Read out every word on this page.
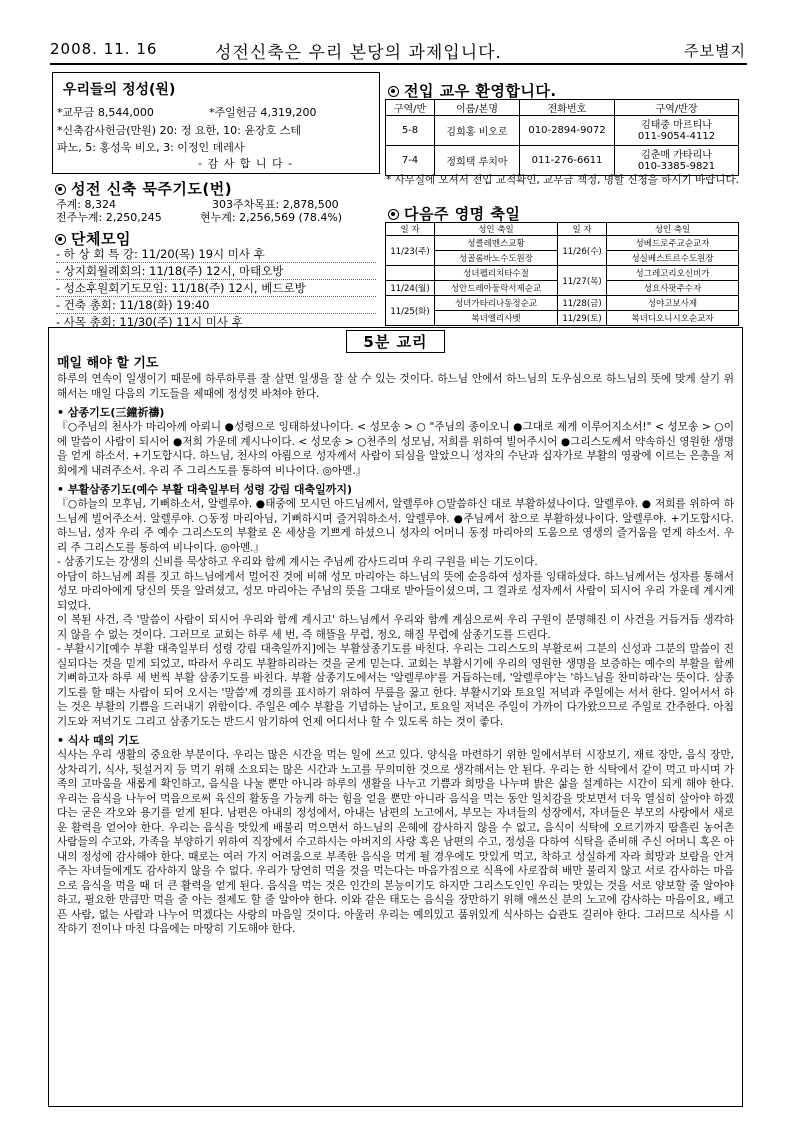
2008. 11. 16	성전신축은 우리 본당의 과제입니다.	주보별지
우리들의 정성(원)
*교무금 8,544,000	*주일헌금 4,319,200
*신축감사헌금(만원) 20: 정 요한, 10: 윤장호 스테
파노, 5: 홍성욱 비오, 3: 이정인 데레사
- 감 사 합 니 다 -
성전 신축 묵주기도(번)
주계: 8,324	303주차목표: 2,878,500
전주누계: 2,250,245	현누계: 2,256,569 (78.4%)
단체모임
- 하 상 회 특 강: 11/20(목) 19시 미사 후
- 상지회월례회의: 11/18(주) 12시, 마태오방
- 성소후원회기도모임: 11/18(주) 12시, 베드로방
- 건축 총회: 11/18(화) 19:40
- 사목 총회: 11/30(주) 11시 미사 후
전입 교우 환영합니다.
구역/반	이름/본명	전화번호	구역/반장
5-8	김희홍 비오로	010-2894-9072	김태중 마르티나
011-9054-4112

7-4	정희택 루치아	011-276-6611	김춘매 가타리나
010-3385-9821
* 사무실에 오셔서 전입 교적확인, 교무금 책정, 명할 신청을 하시기 바랍니다.
다음주 영명 축일
일 자	성인 축일	일 자	성인 축일
11/23(주)	성클레멘스교황	11/26(수)	성베드로주교순교자
	성골롬바노수도원장		성실베스트르수도원장
	성녀펠리치타수절	11/27(목)	성그레고리오신비가
11/24(월)	성안드레아둥락서제순교		성요사팟주수자
11/25(화)	성녀가타리나동정순교	11/28(금)	성야고보사제
	복녀엘리사벳	11/29(토)	복녀디오니시오순교자
5분 교리
매일 해야 할 기도

하루의 연속이 일생이기 때문에 하루하루를 잘 살면 일생을 잘 살 수 있는 것이다. 하느님 안에서 하느님의 도우심으로 하느님의 뜻에 맞게 살기 위해서는 매일 다음의 기도들을 제때에 정성껏 바쳐야 한다.

• 삼종기도(三鐘祈禱)

『○주님의 천사가 마리아께 아뢰니 ●성령으로 잉태하셨나이다. < 성모송 > ○ "주님의 종이오니 ●그대로 제게 이루어지소서!" < 성모송 > ○이에 말씀이 사람이 되시어 ●저희 가운데 계시나이다. < 성모송 > ○천주의 성모님, 저희를 위하여 빌어주시어 ●그리스도께서 약속하신 영원한 생명을 얻게 하소서. +기도합시다. 하느님, 천사의 아룀으로 성자께서 사람이 되심을 알았으니 성자의 수난과 십자가로 부활의 영광에 이르는 은총을 저희에게 내려주소서. 우리 주 그리스도를 통하여 비나이다. ◎아멘.』

• 부활삼종기도(예수 부활 대축일부터 성령 강림 대축일까지)

『○하늘의 모후님, 기뻐하소서, 알렐루야. ●태중에 모시던 아드님께서, 알렐루야 ○말씀하신 대로 부활하셨나이다. 알렐루야. ● 저희를 위하여 하느님께 빌어주소서. 알렐루야. ○동정 마리아님, 기뻐하시며 즐거워하소서. 알렐루야. ●주님께서 참으로 부활하셨나이다. 알렐루야. +기도합시다. 하느님, 성자 우리 주 예수 그리스도의 부활로 온 세상을 기쁘게 하셨으니 성자의 어머니 동정 마리아의 도움으로 영생의 즐거움을 얻게 하소서. 우리 주 그리스도를 통하여 비나이다. ◎아멘.』

- 삼종기도는 강생의 신비를 묵상하고 우리와 함께 계시는 주님께 감사드리며 우리 구원을 비는 기도이다.

아담이 하느님께 죄를 짓고 하느님에게서 멀어진 것에 비해 성모 마리아는 하느님의 뜻에 순응하여 성자를 잉태하셨다. 하느님께서는 성자를 통해서 성모 마리아에게 당신의 뜻을 알려셨고, 성모 마리아는 주님의 뜻을 그대로 받아들이셨으며, 그 결과로 성자께서 사람이 되시어 우리 가운데 계시게 되었다.

이 복된 사건, 즉 '말씀이 사람이 되시어 우리와 함께 계시고' 하느님께서 우리와 함께 계심으로써 우리 구원이 분명해진 이 사건을 거듭거듭 생각하지 않을 수 없는 것이다. 그러므로 교회는 하루 세 번, 즉 해뜰을 무렵, 정오, 해질 무렵에 삼종기도를 드린다.

- 부활시기[예수 부활 대축일부터 성령 강림 대축일까지]에는 부활삼종기도를 바친다. 우리는 그리스도의 부활로써 그분의 신성과 그분의 말씀이 진실되다는 것을 믿게 되었고, 따라서 우리도 부활하리라는 것을 굳게 믿는다. 교회는 부활시기에 우리의 영원한 생명을 보증하는 예수의 부활을 함께 기뻐하고자 하루 세 번씩 부활 삼종기도를 바친다. 부활 삼종기도에서는 '알렐루야'를 거듭하는데, '알렐루야'는 '하느님을 찬미하라'는 뜻이다. 삼종기도를 할 때는 사람이 되어 오시는 '말씀'께 경의를 표시하기 위하여 무릎을 꿇고 한다. 부활시기와 토요일 저녁과 주일에는 서서 한다. 일어서서 하는 것은 부활의 기쁨을 드러내기 위함이다. 주일은 예수 부활을 기념하는 날이고, 토요일 저녁은 주일이 가까이 다가왔으므로 주일로 간주한다. 아침기도와 저녁기도 그리고 삼종기도는 반드시 암기하여 언제 어디서나 할 수 있도록 하는 것이 좋다.

• 식사 때의 기도

식사는 우리 생활의 중요한 부분이다. 우리는 많은 시간을 먹는 일에 쓰고 있다. 양식을 마련하기 위한 일에서부터 시장보기, 재료 장만, 음식 장만, 상차리기, 식사, 뒷설거지 등 먹기 위해 소요되는 많은 시간과 노고를 무의미한 것으로 생각해서는 안 된다. 우리는 한 식탁에서 같이 먹고 마시며 가족의 고마움을 새롭게 확인하고, 음식을 나눌 뿐만 아니라 하루의 생활을 나누고 기쁨과 희망을 나누며 밝은 삶을 설계하는 시간이 되게 해야 한다. 우리는 음식을 나누어 먹음으로써 육신의 활동을 가능케 하는 힘을 얻을 뿐만 아니라 음식을 먹는 동안 일치감을 맛보면서 더욱 열심히 살아야 하겠다는 굳은 각오와 용기를 얻게 된다. 남편은 아내의 정성에서, 아내는 남편의 노고에서, 부모는 자녀들의 성장에서, 자녀들은 부모의 사랑에서 새로운 활력을 얻어야 한다. 우리는 음식을 맛있게 배불리 먹으면서 하느님의 은혜에 감사하지 않을 수 없고, 음식이 식탁에 오르기까지 땀흘린 농어촌 사람들의 수고와, 가족을 부양하기 위하여 직장에서 수고하시는 아버지의 사랑 혹은 남편의 수고, 정성을 다하여 식탁을 준비해 주신 어머니 혹은 아내의 정성에 감사해야 한다. 때로는 여러 가지 어려움으로 부족한 음식을 먹게 될 경우에도 맛있게 먹고, 착하고 성실하게 자라 희망과 보람을 안겨 주는 자녀들에게도 감사하지 않을 수 없다. 우리가 당연히 먹을 것을 먹는다는 마음가짐으로 식욕에 사로잡혀 배만 불리지 않고 서로 감사하는 마음으로 음식을 먹을 때 더 큰 활력을 얻게 된다. 음식을 먹는 것은 인간의 본능이기도 하지만 그리스도인인 우리는 맛있는 것을 서로 양보할 줄 알아야 하고, 필요한 만큼만 먹을 줄 아는 절제도 할 줄 알아야 한다. 이와 같은 태도는 음식을 장만하기 위해 애쓰신 분의 노고에 감사하는 마음이요, 배고픈 사람, 없는 사람과 나누어 먹겠다는 사랑의 마음일 것이다. 아울러 우리는 예의있고 품위있게 식사하는 습관도 길러야 한다. 그러므로 식사를 시작하기 전이나 마친 다음에는 마땅히 기도해야 한다.
